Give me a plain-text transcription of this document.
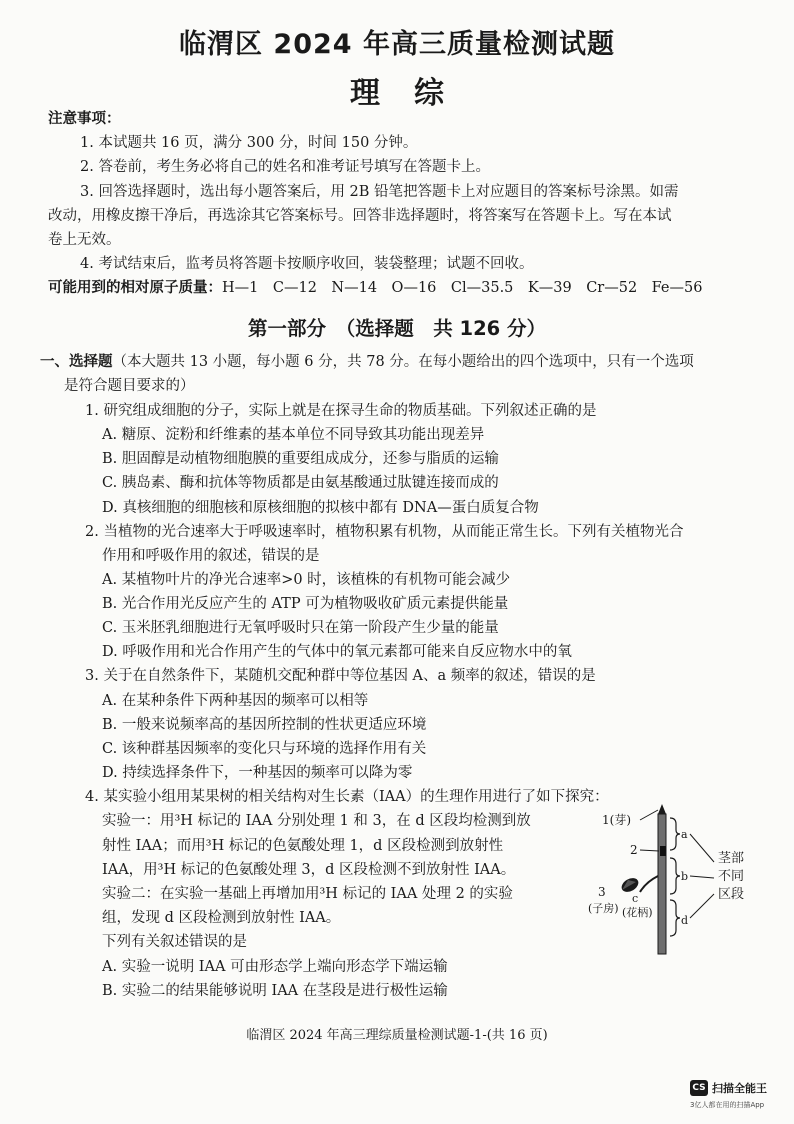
临渭区 2024 年高三质量检测试题
理综
注意事项：
1. 本试题共 16 页，满分 300 分，时间 150 分钟。
2. 答卷前，考生务必将自己的姓名和准考证号填写在答题卡上。
3. 回答选择题时，选出每小题答案后，用 2B 铅笔把答题卡上对应题目的答案标号涂黑。如需
改动，用橡皮擦干净后，再选涂其它答案标号。回答非选择题时，将答案写在答题卡上。写在本试
卷上无效。
4. 考试结束后，监考员将答题卡按顺序收回，装袋整理；试题不回收。
可能用到的相对原子质量：H—1　C—12　N—14　O—16　Cl—35.5　K—39　Cr—52　Fe—56
第一部分　（选择题　共 126 分）
一、选择题（本大题共 13 小题，每小题 6 分，共 78 分。在每小题给出的四个选项中，只有一个选项
是符合题目要求的）
1. 研究组成细胞的分子，实际上就是在探寻生命的物质基础。下列叙述正确的是
A. 糖原、淀粉和纤维素的基本单位不同导致其功能出现差异
B. 胆固醇是动植物细胞膜的重要组成成分，还参与脂质的运输
C. 胰岛素、酶和抗体等物质都是由氨基酸通过肽键连接而成的
D. 真核细胞的细胞核和原核细胞的拟核中都有 DNA—蛋白质复合物
2. 当植物的光合速率大于呼吸速率时，植物积累有机物，从而能正常生长。下列有关植物光合
作用和呼吸作用的叙述，错误的是
A. 某植物叶片的净光合速率>0 时，该植株的有机物可能会减少
B. 光合作用光反应产生的 ATP 可为植物吸收矿质元素提供能量
C. 玉米胚乳细胞进行无氧呼吸时只在第一阶段产生少量的能量
D. 呼吸作用和光合作用产生的气体中的氧元素都可能来自反应物水中的氧
3. 关于在自然条件下，某随机交配种群中等位基因 A、a 频率的叙述，错误的是
A. 在某种条件下两种基因的频率可以相等
B. 一般来说频率高的基因所控制的性状更适应环境
C. 该种群基因频率的变化只与环境的选择作用有关
D. 持续选择条件下，一种基因的频率可以降为零
4. 某实验小组用某果树的相关结构对生长素（IAA）的生理作用进行了如下探究：
实验一：用³H 标记的 IAA 分别处理 1 和 3，在 d 区段均检测到放
射性 IAA；而用³H 标记的色氨酸处理 1，d 区段检测到放射性
IAA，用³H 标记的色氨酸处理 3，d 区段检测不到放射性 IAA。
实验二：在实验一基础上再增加用³H 标记的 IAA 处理 2 的实验
组，发现 d 区段检测到放射性 IAA。
下列有关叙述错误的是
A. 实验一说明 IAA 可由形态学上端向形态学下端运输
B. 实验二的结果能够说明 IAA 在茎段是进行极性运输
1(芽)
2
3
(子房)
c
(花柄)
a
b
d
茎部
不同
区段
临渭区 2024 年高三理综质量检测试题-1-(共 16 页)
CS 扫描全能王
3亿人都在用的扫描App
